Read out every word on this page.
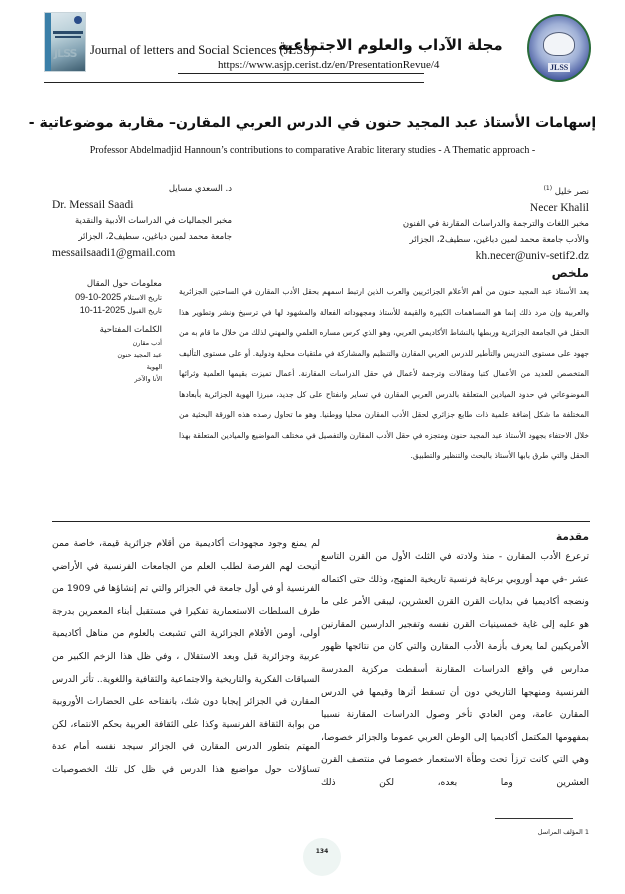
JLSS Journal of letters and Social Sciences (JLSS)
مجلة الآداب والعلوم الاجتماعية
https://www.asjp.cerist.dz/en/PresentationRevue/4	JLSS
إسهامات الأستاذ عبد المجيد حنون في الدرس العربي المقارن– مقاربة موضوعاتية -
Professor Abdelmadjid Hannoun’s contributions to comparative Arabic literary studies - A Thematic approach -
نصر خليل $^{(1)}$
Necer Khalil
مخبر اللغات والترجمة والدراسات المقارنة في الفنون
والأدب جامعة محمد لمين دباغين، سطيف2، الجزائر
kh.necer@univ-setif2.dz
د. السعدي مسايل
Dr. Messail Saadi
مخبر الجماليات في الدراسات الأدبية والنقدية
جامعة محمد لمين دباغين، سطيف2، الجزائر
messailsaadi1@gmail.com
معلومات حول المقال
تاريخ الاستلام 2025-10-09
تاريخ القبول 2025-11-10
الكلمات المفتاحية
أدب مقارن
عبد المجيد حنون
الهوية
الأنا والآخر
ملخص

يعد الأستاذ عبد المجيد حنون من أهم الأعلام الجزائريين والعرب الذين ارتبط اسمهم بحقل الأدب المقارن في الساحتين الجزائرية والعربية وإن مرد ذلك إنما هو المساهمات الكبيرة والقيمة للأستاذ ومجهوداته الفعالة والمشهود لها في ترسيخ ونشر وتطوير هذا الحقل في الجامعة الجزائرية وربطها بالنشاط الأكاديمي العربي، وهو الذي كرس مساره العلمي والمهني لذلك من خلال ما قام به من جهود على مستوى التدريس والتأطير للدرس العربي المقارن والتنظيم والمشاركة في ملتقيات محلية ودولية. أو على مستوى التأليف المتخصص للعديد من الأعمال كتبا ومقالات وترجمة لأعمال في حقل الدراسات المقارنة. أعمال تميزت بقيمها العلمية وثرائها الموضوعاتي في حدود الميادين المتعلقة بالدرس العربي المقارن في تساير وانفتاح على كل جديد، مبرزا الهوية الجزائرية بأبعادها المختلفة ما شكل إضافة علمية ذات طابع جزائري لحقل الأدب المقارن محليا ووطنيا. وهو ما تحاول رصده هذه الورقة البحثية من خلال الاحتفاء بجهود الأستاذ عبد المجيد حنون ومتجزه في حقل الأدب المقارن والتفصيل في مختلف المواضيع والميادين المتعلقة بهذا الحقل والتي طرق بابها الأستاذ بالبحث والتنظير والتطبيق.

مقدمة

ترعرع الأدب المقارن - منذ ولادته في الثلث الأول من القرن التاسع عشر -في مهد أوروبي برعاية فرنسية تاريخية المنهج، وذلك حتى اكتماله ونضجه أكاديميا في بدايات القرن القرن العشرين، ليبقى الأمر على ما هو عليه إلى غاية خمسينيات القرن نفسه وتفجير الدارسين المقارنين الأمريكيين لما يعرف بأزمة الأدب المقارن والتي كان من نتائجها ظهور مدارس في واقع الدراسات المقارنة أسقطت مركزية المدرسة الفرنسية ومنهجها التاريخي دون أن تسقط أثرها وقيمها في الدرس المقارن عامة، ومن العادي تأخر وصول الدراسات المقارنة نسبيا بمفهومها المكتمل أكاديميا إلى الوطن العربي عموما والجزائر خصوصا، وهي التي كانت ترزأ تحت وطأة الاستعمار خصوصا في منتصف القرن العشرين وما بعده، لكن ذلك

لم يمنع وجود مجهودات أكاديمية من أقلام جزائرية قيمة، خاصة ممن أتيحت لهم الفرصة لطلب العلم من الجامعات الفرنسية في الأراضي الفرنسية أو في أول جامعة في الجزائر والتي تم إنشاؤها في 1909 من طرف السلطات الاستعمارية تفكيرا في مستقبل أبناء المعمرين بدرجة أولى، أومن الأقلام الجزائرية التي تشبعت بالعلوم من مناهل أكاديمية عربية وجزائرية قبل وبعد الاستقلال ، وفي ظل هذا الزخم الكبير من السياقات الفكرية والتاريخية والاجتماعية والثقافية واللغوية.. تأثر الدرس المقارن في الجزائر إيجابا دون شك، بانفتاحه على الحضارات الأوروبية من بوابة الثقافة الفرنسية وكذا على الثقافة العربية بحكم الانتماء، لكن المهتم بتطور الدرس المقارن في الجزائر سيجد نفسه أمام عدة تساؤلات حول مواضيع هذا الدرس في ظل كل تلك الخصوصيات

1 المؤلف المراسل
134
